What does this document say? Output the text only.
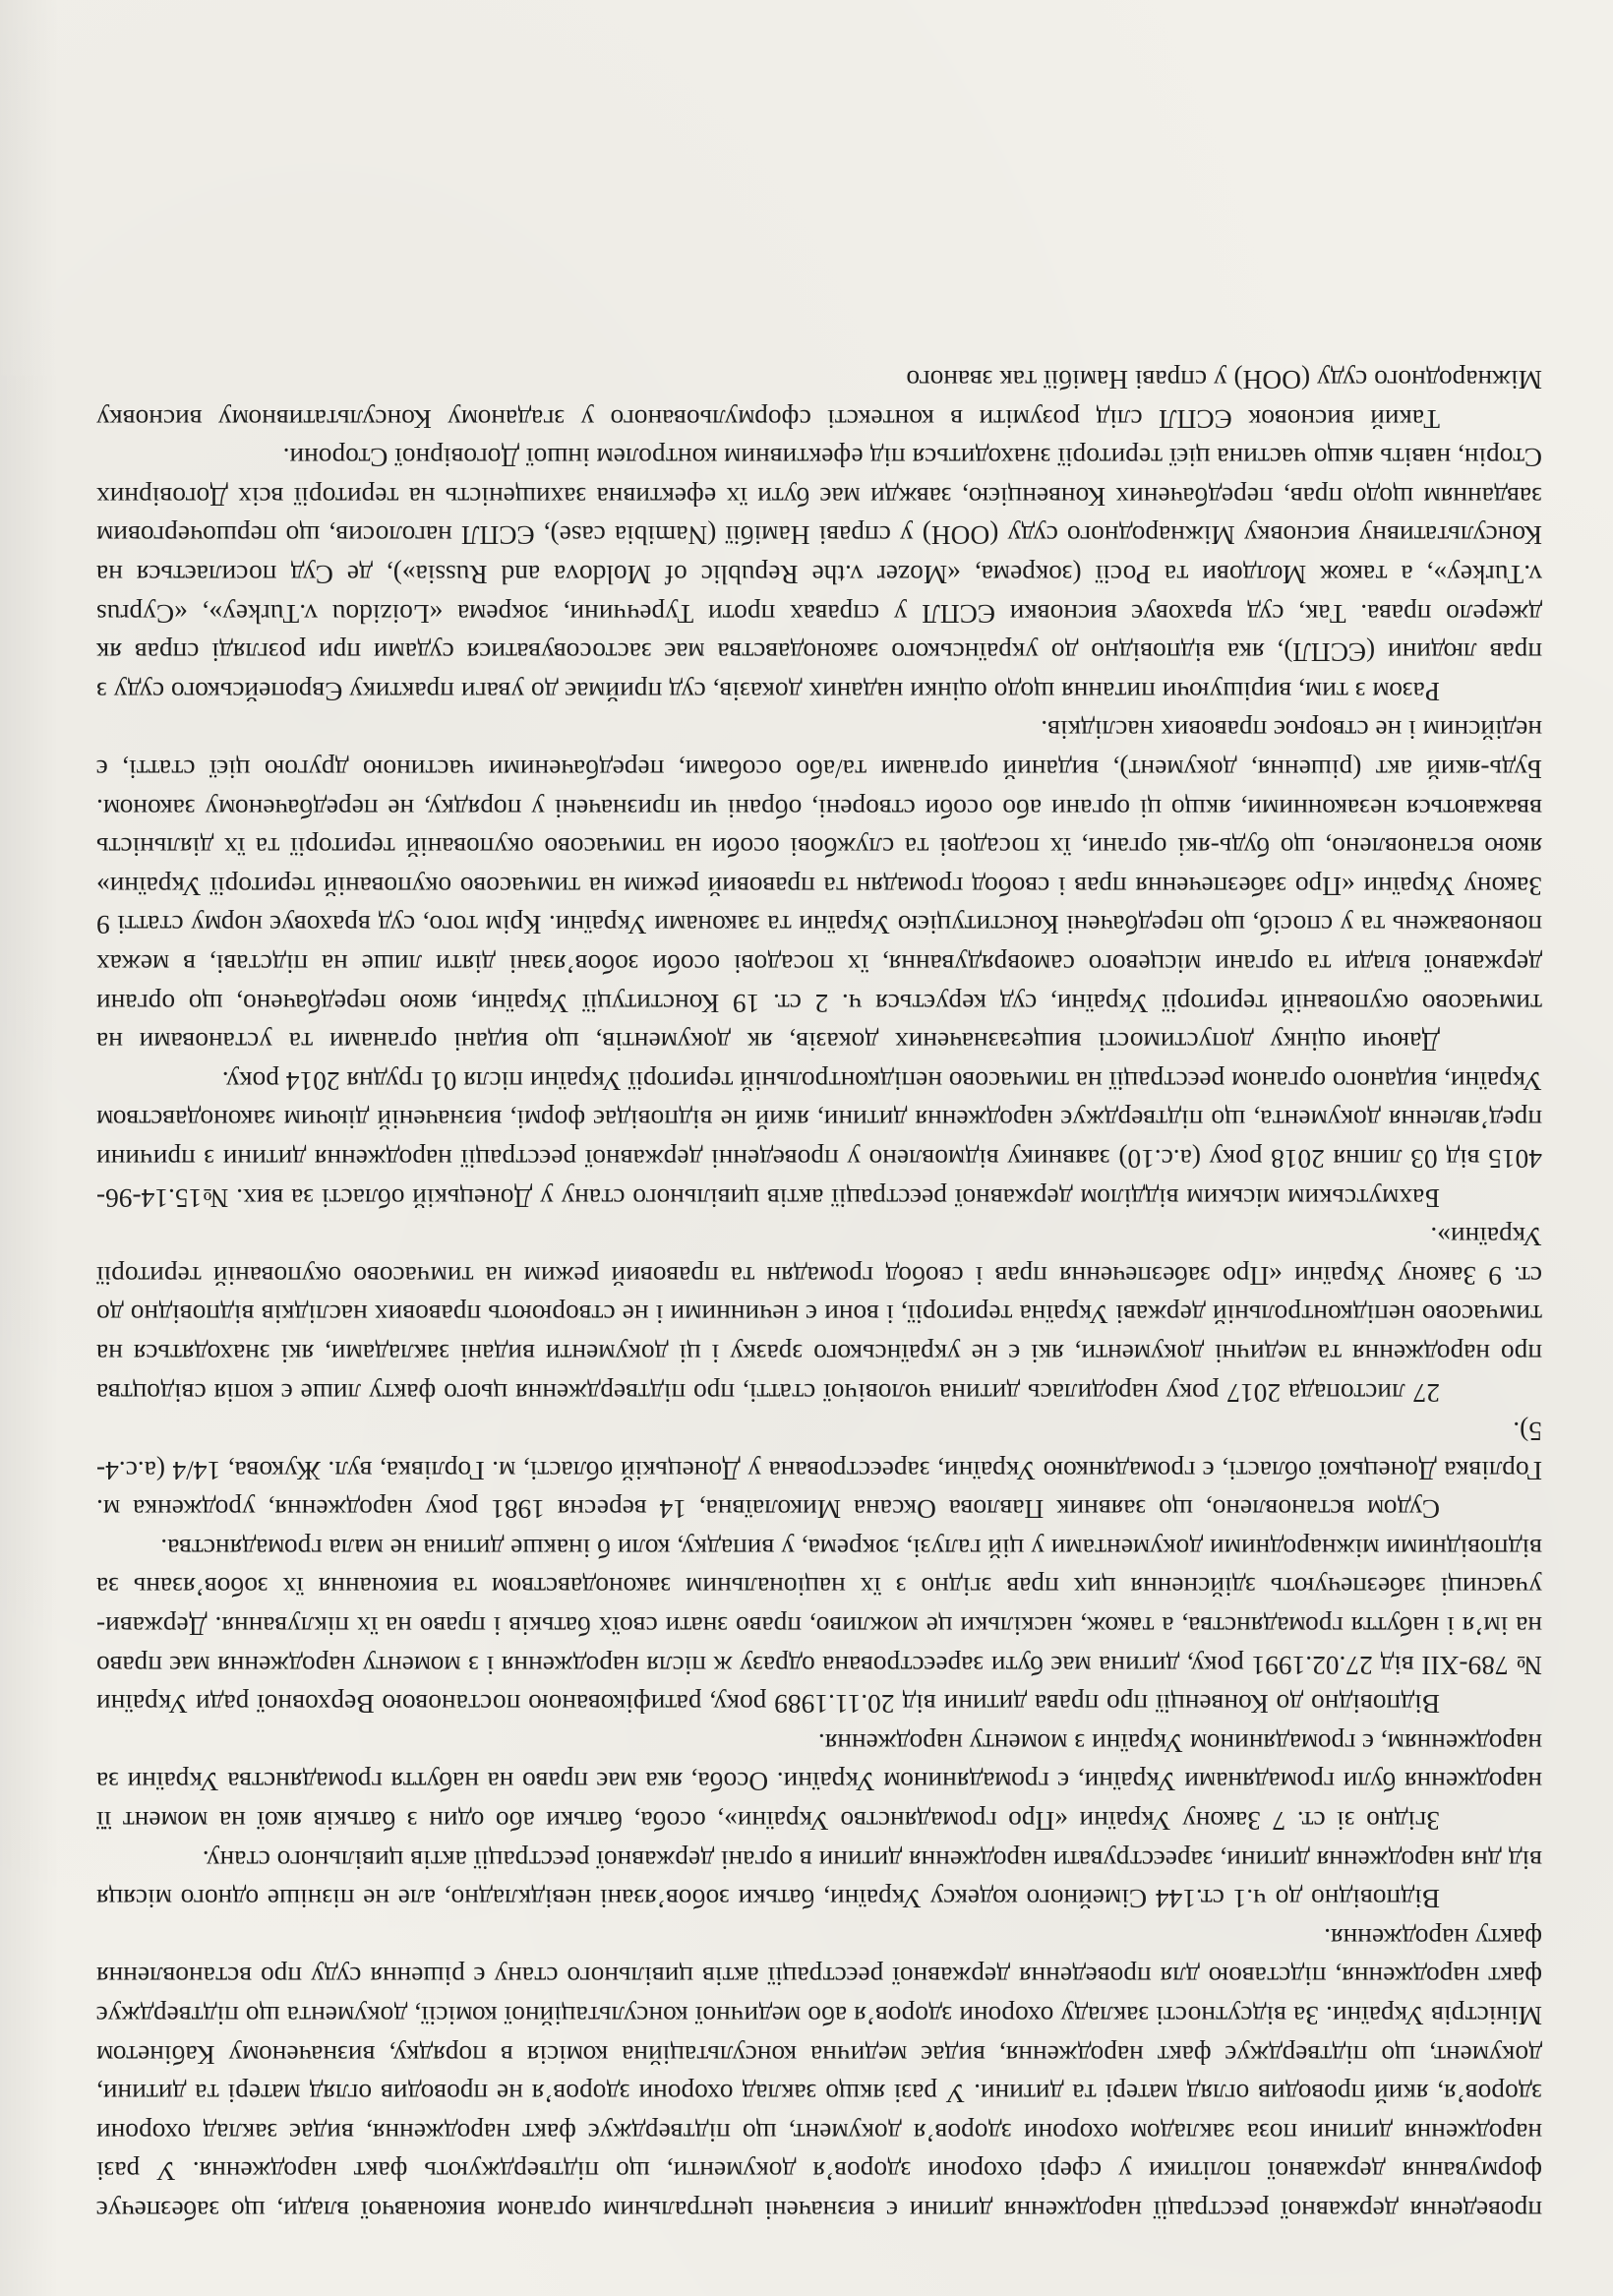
проведення державної реєстрації народження дитини є визначені центральним органом виконавчої влади, що забезпечує формування державної політики у сфері охорони здоров’я документи, що підтверджують факт народження. У разі народження дитини поза закладом охорони здоров’я документ, що підтверджує факт народження, видає заклад охорони здоров’я, який проводив огляд матері та дитини. У разі якщо заклад охорони здоров’я не проводив огляд матері та дитини, документ, що підтверджує факт народження, видає медична консультаційна комісія в порядку, визначеному Кабінетом Міністрів України. За відсутності закладу охорони здоров’я або медичної консультаційної комісії, документа що підтверджує факт народження, підставою для проведення державної реєстрації актів цивільного стану є рішення суду про встановлення факту народження.

Відповідно до ч.1 ст.144 Сімейного кодексу України, батьки зобов’язані невідкладно, але не пізніше одного місяця від дня народження дитини, зареєструвати народження дитини в органі державної реєстрації актів цивільного стану.

Згідно зі ст. 7 Закону України «Про громадянство України», особа, батьки або один з батьків якої на момент її народження були громадянами України, є громадянином України. Особа, яка має право на набуття громадянства України за народженням, є громадянином України з моменту народження.

Відповідно до Конвенції про права дитини від 20.11.1989 року, ратифікованою постановою Верховної ради України № 789-XII від 27.02.1991 року, дитина має бути зареєстрована одразу ж після народження і з моменту народження має право на ім’я і набуття громадянства, а також, наскільки це можливо, право знати своїх батьків і право на їх піклування. Держави-учасниці забезпечують здійснення цих прав згідно з їх національним законодавством та виконання їх зобов’язань за відповідними міжнародними документами у цій галузі, зокрема, у випадку, коли б інакше дитина не мала громадянства.

Судом встановлено, що заявник Павлова Оксана Миколаївна, 14 вересня 1981 року народження, уродженка м. Горлівка Донецької області, є громадянкою України, зареєстрована у Донецькій області, м. Горлівка, вул. Жукова, 14/4 (а.с.4-5).

27 листопада 2017 року народилась дитина чоловічої статті, про підтвердження цього факту лише є копія свідоцтва про народження та медичні документи, які є не українського зразку і ці документи видані закладами, які знаходяться на тимчасово непідконтрольній державі Україна території, і вони є нечинними і не створюють правових наслідків відповідно до ст. 9 Закону України «Про забезпечення прав і свобод громадян та правовий режим на тимчасово окупованій території України».

Бахмутським міським відділом державної реєстрації актів цивільного стану у Донецькій області за вих. №15.14-96-4015 від 03 липня 2018 року (а.с.10) заявнику відмовлено у проведенні державної реєстрації народження дитини з причини пред’явлення документа, що підтверджує народження дитини, який не відповідає формі, визначеній діючим законодавством України, виданого органом реєстрації на тимчасово непідконтрольній території України після 01 грудня 2014 року.

Даючи оцінку допустимості вищезазначених доказів, як документів, що видані органами та установами на тимчасово окупованій території України, суд керується ч. 2 ст. 19 Конституції України, якою передбачено, що органи державної влади та органи місцевого самоврядування, їх посадові особи зобов’язані діяти лише на підставі, в межах повноважень та у спосіб, що передбачені Конституцією України та законами України. Крім того, суд враховує норму статті 9 Закону України «Про забезпечення прав і свобод громадян та правовий режим на тимчасово окупованій території України» якою встановлено, що будь-які органи, їх посадові та службові особи на тимчасово окупованій території та їх діяльність вважаються незаконними, якщо ці органи або особи створені, обрані чи призначені у порядку, не передбаченому законом. Будь-який акт (рішення, документ), виданий органами та/або особами, передбаченими частиною другою цієї статті, є недійсним і не створює правових наслідків.

Разом з тим, вирішуючи питання щодо оцінки наданих доказів, суд приймає до уваги практику Європейського суду з прав людини (ЄСПЛ), яка відповідно до українського законодавства має застосовуватися судами при розгляді справ як джерело права. Так, суд враховує висновки ЄСПЛ у справах проти Туреччини, зокрема «Loizidou v.Turkey», «Cyprus v.Turkey», а також Молдови та Росії (зокрема, «Mozer v.the Republic of Moldova and Russia»), де Суд посилається на Консультативну висновку Міжнародного суду (ООН) у справі Намібії (Namibia case), ЄСПЛ наголосив, що першочерговим завданням щодо прав, передбачених Конвенцією, завжди має бути їх ефективна захищеність на території всіх Договірних Сторін, навіть якщо частина цієї території знаходиться під ефективним контролем іншої Договірної Сторони.

Такий висновок ЄСПЛ слід розуміти в контексті сформульованого у згаданому Консультативному висновку Міжнародного суду (ООН) у справі Намібії так званого
